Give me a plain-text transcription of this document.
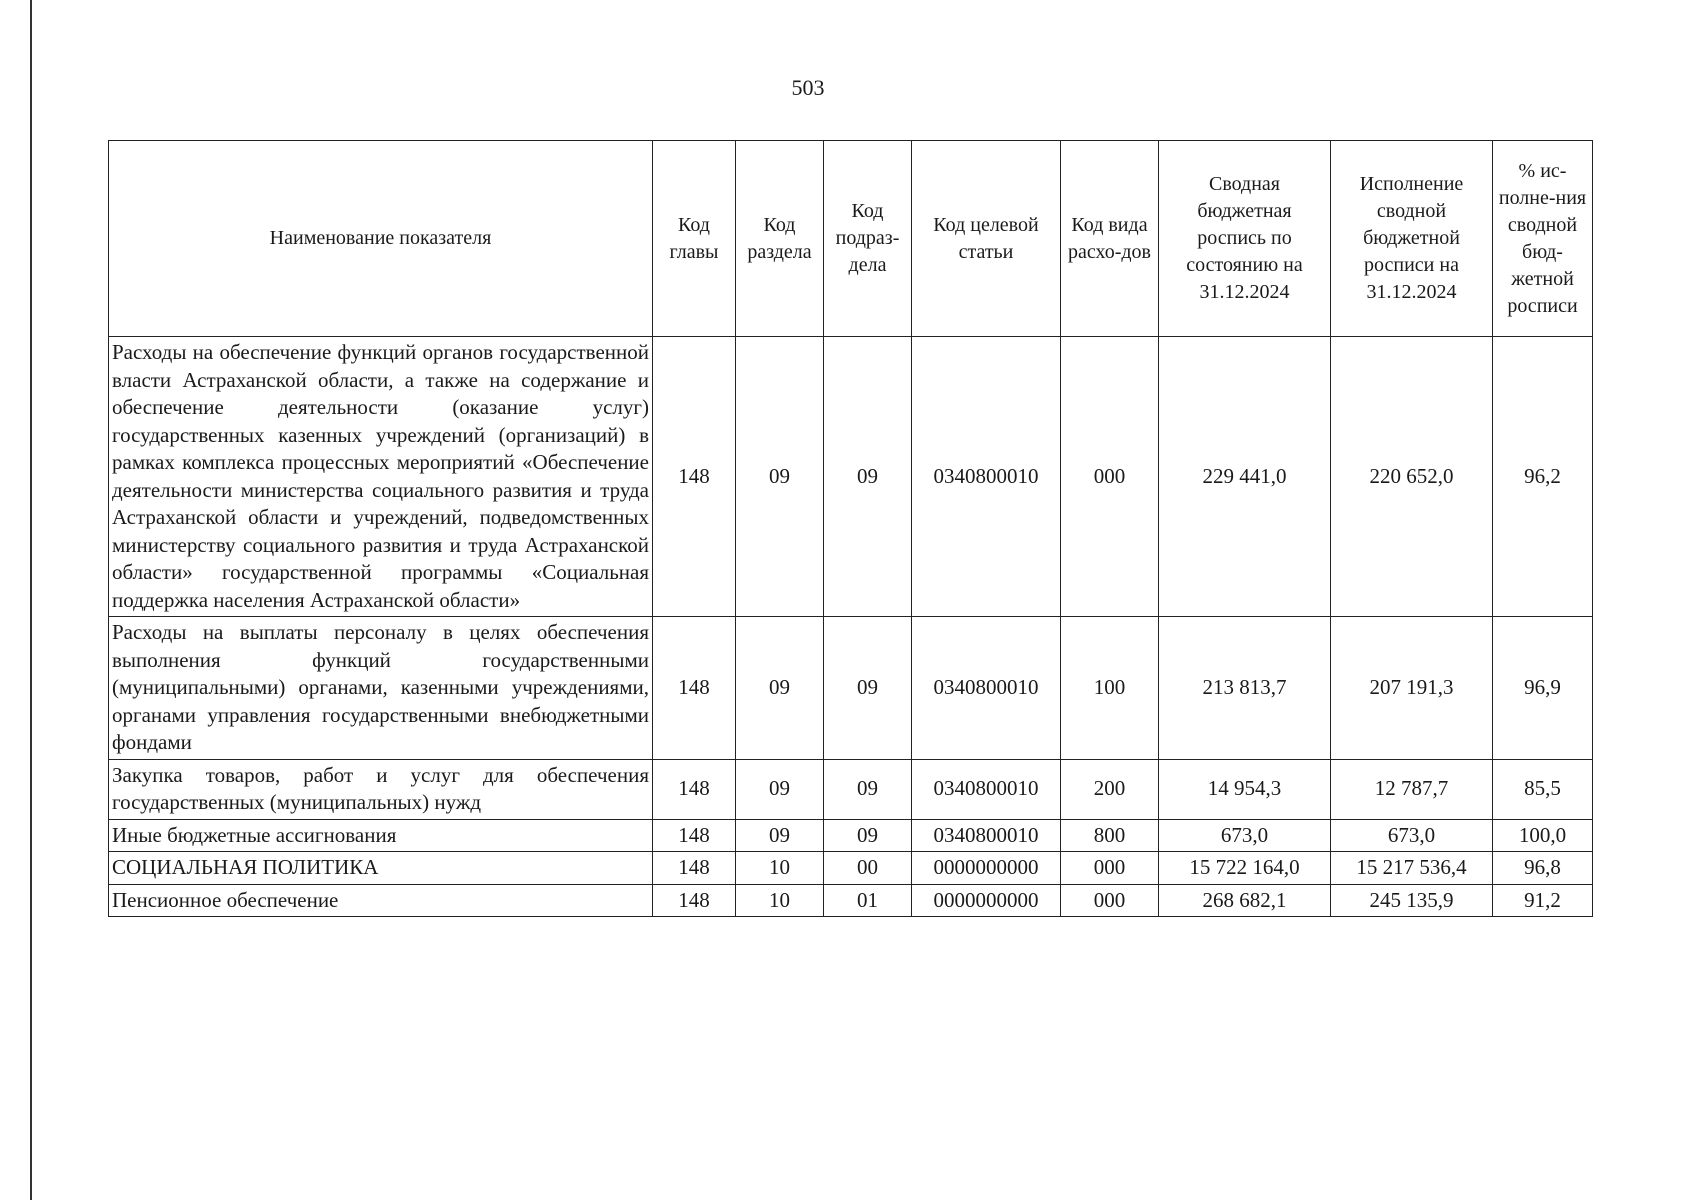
503
Наименование показателя	Код главы	Код раздела	Код подраз-дела	Код целевой статьи	Код вида расхо-дов	Сводная бюджетная роспись по состоянию на 31.12.2024	Исполнение сводной бюджетной росписи на 31.12.2024	% ис-полне-ния сводной бюд-жетной росписи
Расходы на обеспечение функций органов государственной власти Астраханской области, а также на содержание и обеспечение деятельности (оказание услуг) государственных казенных учреждений (организаций) в рамках комплекса процессных мероприятий «Обеспечение деятельности министерства социального развития и труда Астраханской области и учреждений, подведомственных министерству социального развития и труда Астраханской области» государственной программы «Социальная поддержка населения Астраханской области»	148	09	09	0340800010	000	229 441,0	220 652,0	96,2
Расходы на выплаты персоналу в целях обеспечения выполнения функций государственными (муниципальными) органами, казенными учреждениями, органами управления государственными внебюджетными фондами	148	09	09	0340800010	100	213 813,7	207 191,3	96,9
Закупка товаров, работ и услуг для обеспечения государственных (муниципальных) нужд	148	09	09	0340800010	200	14 954,3	12 787,7	85,5
Иные бюджетные ассигнования	148	09	09	0340800010	800	673,0	673,0	100,0
СОЦИАЛЬНАЯ ПОЛИТИКА	148	10	00	0000000000	000	15 722 164,0	15 217 536,4	96,8
Пенсионное обеспечение	148	10	01	0000000000	000	268 682,1	245 135,9	91,2
